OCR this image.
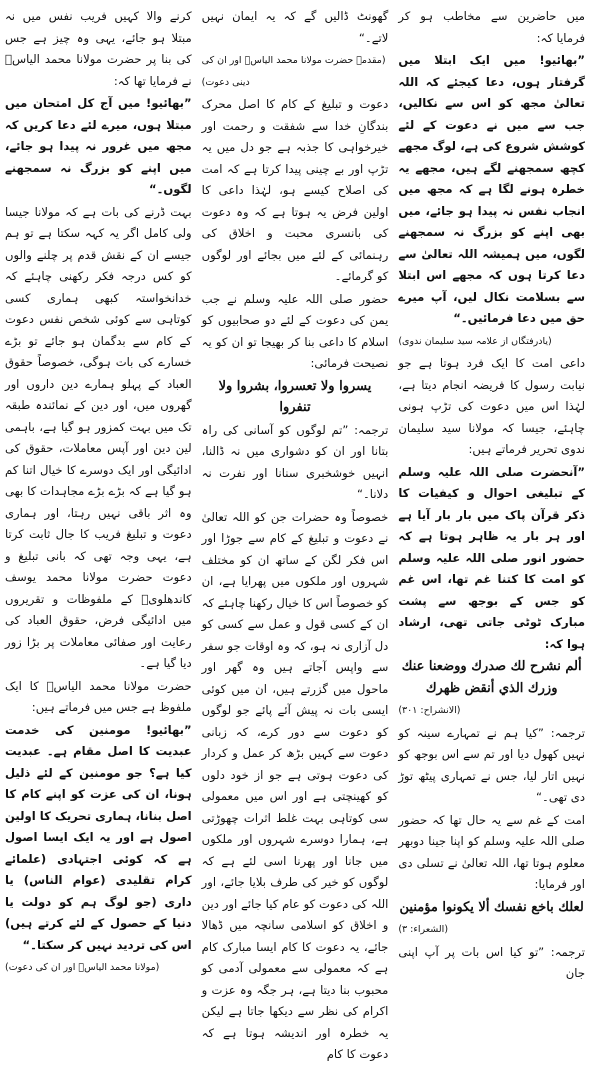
میں حاضرین سے مخاطب ہو کر فرمایا کہ:

”بھائیو! میں ایک ابتلا میں گرفتار ہوں، دعا کیجئے کہ اللہ تعالیٰ مجھ کو اس سے نکالیں، جب سے میں نے دعوت کے لئے کوشش شروع کی ہے، لوگ مجھے کچھ سمجھنے لگے ہیں، مجھے یہ خطرہ ہونے لگا ہے کہ مجھ میں انجاب نفس نہ پیدا ہو جائے، میں بھی اپنے کو بزرگ نہ سمجھنے لگوں، میں ہمیشہ اللہ تعالیٰ سے دعا کرتا ہوں کہ مجھے اس ابتلا سے بسلامت نکال لیں، آپ میرے حق میں دعا فرمائیں۔“

(یادرفتگاں از علامہ سید سلیمان ندوی)

داعی امت کا ایک فرد ہوتا ہے جو نیابت رسول کا فریضہ انجام دیتا ہے، لہٰذا اس میں دعوت کی تڑپ ہونی چاہئے، جیسا کہ مولانا سید سلیمان ندوی تحریر فرماتے ہیں:

”آنحضرت صلی اللہ علیہ وسلم کے تبلیغی احوال و کیفیات کا ذکر قرآن پاک میں بار بار آیا ہے اور ہر بار یہ ظاہر ہوتا ہے کہ حضور انور صلی اللہ علیہ وسلم کو امت کا کتنا غم تھا، اس غم کو جس کے بوجھ سے پشت مبارک ٹوٹی جاتی تھی، ارشاد ہوا کہ:

ألم نشرح لك صدرك ووضعنا عنك وزرك الذي أنقض ظهرك

(الانشراح: ۳۰۱)

ترجمہ: ”کیا ہم نے تمہارے سینہ کو نہیں کھول دیا اور تم سے اس بوجھ کو نہیں اتار لیا، جس نے تمہاری پیٹھ توڑ دی تھی۔“

امت کے غم سے یہ حال تھا کہ حضور صلی اللہ علیہ وسلم کو اپنا جینا دوبھر معلوم ہوتا تھا، اللہ تعالیٰ نے تسلی دی اور فرمایا:

لعلك باخع نفسك ألا يكونوا مؤمنين

(الشعراء: ۳)

ترجمہ: ”تو کیا اس بات پر آپ اپنی جان

گھونٹ ڈالیں گے کہ یہ ایمان نہیں لاتے۔“

(مقدمہ حضرت مولانا محمد الیاسؒ اور ان کی دینی دعوت)

دعوت و تبلیغ کے کام کا اصل محرک بندگانِ خدا سے شفقت و رحمت اور خیرخواہی کا جذبہ ہے جو دل میں یہ تڑپ اور بے چینی پیدا کرتا ہے کہ امت کی اصلاح کیسے ہو، لہٰذا داعی کا اولین فرض یہ ہوتا ہے کہ وہ دعوت کی بانسری محبت و اخلاق کی رہنمائی کے لئے میں بجائے اور لوگوں کو گرمائے۔

حضور صلی اللہ علیہ وسلم نے جب یمن کی دعوت کے لئے دو صحابیوں کو اسلام کا داعی بنا کر بھیجا تو ان کو یہ نصیحت فرمائی:

يسروا ولا تعسروا، بشروا ولا تنفروا

ترجمہ: ”تم لوگوں کو آسانی کی راہ بتانا اور ان کو دشواری میں نہ ڈالنا، انہیں خوشخبری سنانا اور نفرت نہ دلانا۔“

خصوصاً وہ حضرات جن کو اللہ تعالیٰ نے دعوت و تبلیغ کے کام سے جوڑا اور اس فکر لگن کے ساتھ ان کو مختلف شہروں اور ملکوں میں پھرایا ہے، ان کو خصوصاً اس کا خیال رکھنا چاہئے کہ ان کے کسی قول و عمل سے کسی کو دل آزاری نہ ہو، کہ وہ اوقات جو سفر سے واپس آجاتے ہیں وہ گھر اور ماحول میں گزرتے ہیں، ان میں کوئی ایسی بات نہ پیش آئے پائے جو لوگوں کو دعوت سے دور کرے، کہ زبانی دعوت سے کہیں بڑھ کر عمل و کردار کی دعوت ہوتی ہے جو از خود دلوں کو کھینچتی ہے اور اس میں معمولی سی کوتاہی بہت غلط اثرات چھوڑتی ہے، ہمارا دوسرے شہروں اور ملکوں میں جانا اور پھرنا اسی لئے ہے کہ لوگوں کو خیر کی طرف بلایا جائے، اور اللہ کی دعوت کو عام کیا جائے اور دین و اخلاق کو اسلامی سانچہ میں ڈھالا جائے، یہ دعوت کا کام ایسا مبارک کام ہے کہ معمولی سے معمولی آدمی کو محبوب بنا دیتا ہے، ہر جگہ وہ عزت و اکرام کی نظر سے دیکھا جاتا ہے لیکن یہ خطرہ اور اندیشہ ہوتا ہے کہ دعوت کا کام

کرنے والا کہیں فریب نفس میں نہ مبتلا ہو جائے، یہی وہ چیز ہے جس کی بنا پر حضرت مولانا محمد الیاسؒ نے فرمایا تھا کہ:

”بھائیو! میں آج کل امتحان میں مبتلا ہوں، میرے لئے دعا کریں کہ مجھ میں غرور نہ پیدا ہو جائے، میں اپنے کو بزرگ نہ سمجھنے لگوں۔“

بہت ڈرنے کی بات ہے کہ مولانا جیسا ولی کامل اگر یہ کہہ سکتا ہے تو ہم جیسے ان کے نقش قدم پر چلنے والوں کو کس درجہ فکر رکھنی چاہئے کہ خدانخواستہ کبھی ہماری کسی کوتاہی سے کوئی شخص نفس دعوت کے کام سے بدگمان ہو جائے تو بڑے خسارے کی بات ہوگی، خصوصاً حقوق العباد کے پہلو ہمارے دین داروں اور گھروں میں، اور دین کے نمائندہ طبقہ تک میں بہت کمزور ہو گیا ہے، باہمی لین دین اور آپس معاملات، حقوق کی ادائیگی اور ایک دوسرے کا خیال اتنا کم ہو گیا ہے کہ بڑے بڑے مجاہدات کا بھی وہ اثر باقی نہیں رہتا، اور ہماری دعوت و تبلیغ فریب کا جال ثابت کرتا ہے، یہی وجہ تھی کہ بانی تبلیغ و دعوت حضرت مولانا محمد یوسف کاندھلویؒ کے ملفوظات و تقریروں میں ادائیگی فرض، حقوق العباد کی رعایت اور صفائی معاملات پر بڑا زور دیا گیا ہے۔

حضرت مولانا محمد الیاسؒ کا ایک ملفوظ ہے جس میں فرماتے ہیں:

”بھائیو! مومنین کی خدمت عبدیت کا اصل مقام ہے۔ عبدیت کیا ہے؟ جو مومنین کے لئے ذلیل ہونا، ان کی عزت کو اپنے کام کا اصل بنانا، ہماری تحریک کا اولین اصول ہے اور یہ ایک ایسا اصول ہے کہ کوئی اجتہادی (علمائے کرام تقلیدی (عوام الناس) یا داری (جو لوگ ہم کو دولت یا دنیا کے حصول کے لئے کرتے ہیں) اس کی تردید نہیں کر سکتا۔“

(مولانا محمد الیاسؒ اور ان کی دعوت)
